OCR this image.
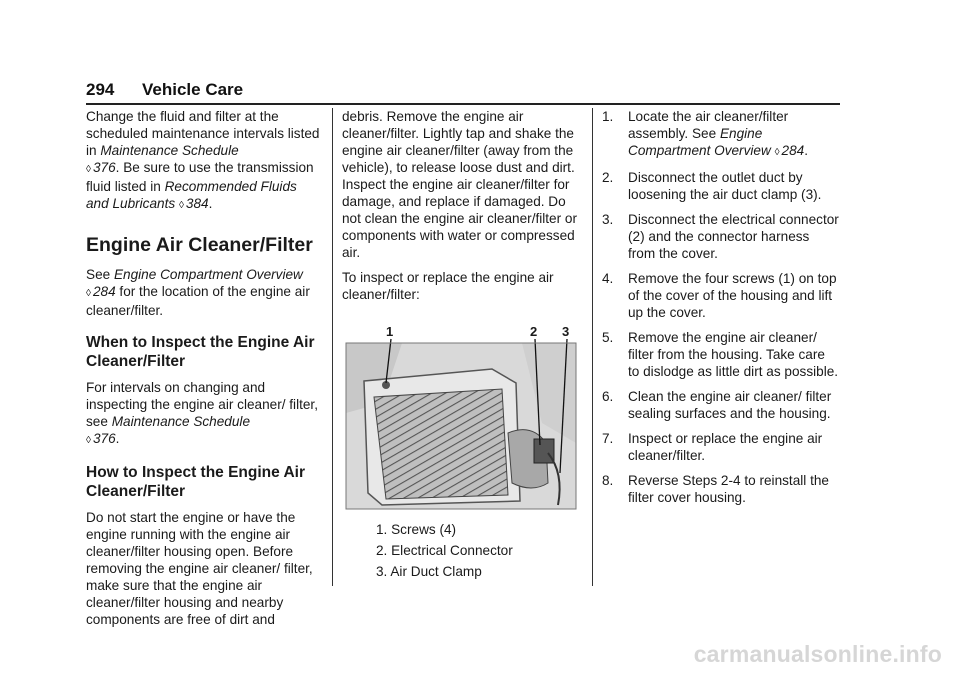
294 Vehicle Care

Change the fluid and filter at the scheduled maintenance intervals listed in Maintenance Schedule
◊ 376. Be sure to use the transmission fluid listed in Recommended Fluids and Lubricants ◊ 384.

Engine Air Cleaner/Filter

See Engine Compartment Overview
◊ 284 for the location of the engine air cleaner/filter.

When to Inspect the Engine Air Cleaner/Filter

For intervals on changing and inspecting the engine air cleaner/ filter, see Maintenance Schedule
◊ 376.

How to Inspect the Engine Air Cleaner/Filter

Do not start the engine or have the engine running with the engine air cleaner/filter housing open. Before removing the engine air cleaner/ filter, make sure that the engine air cleaner/filter housing and nearby components are free of dirt and

debris. Remove the engine air cleaner/filter. Lightly tap and shake the engine air cleaner/filter (away from the vehicle), to release loose dust and dirt. Inspect the engine air cleaner/filter for damage, and replace if damaged. Do not clean the engine air cleaner/filter or components with water or compressed air.

To inspect or replace the engine air cleaner/filter:

1	2 3
1. Screws (4)
2. Electrical Connector
3. Air Duct Clamp
1.	Locate the air cleaner/filter assembly. See Engine Compartment Overview ◊ 284.
2.	Disconnect the outlet duct by loosening the air duct clamp (3).
3.	Disconnect the electrical connector (2) and the connector harness from the cover.
4.	Remove the four screws (1) on top of the cover of the housing and lift up the cover.
5.	Remove the engine air cleaner/ filter from the housing. Take care to dislodge as little dirt as possible.
6.	Clean the engine air cleaner/ filter sealing surfaces and the housing.
7.	Inspect or replace the engine air cleaner/filter.
8.	Reverse Steps 2-4 to reinstall the filter cover housing.
carmanualsonline.info
